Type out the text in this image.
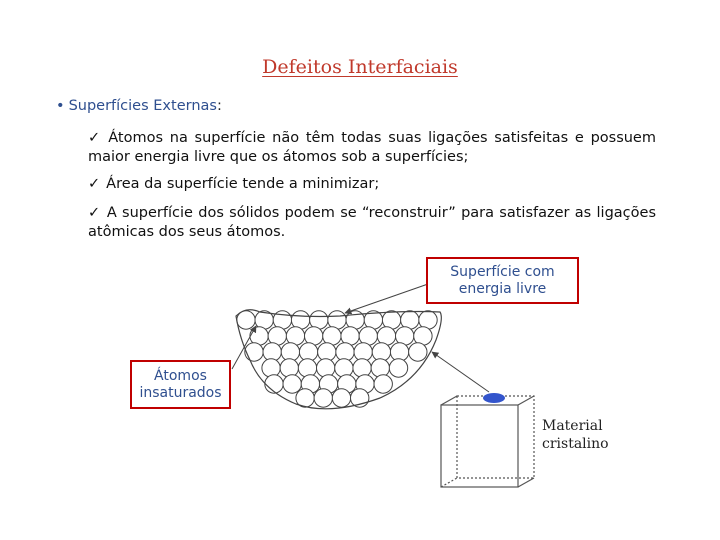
Defeitos Interfaciais
• Superfícies Externas:
✓ Átomos na superfície não têm todas suas ligações satisfeitas e possuem maior energia livre que os átomos sob a superfícies;
✓ Área da superfície tende a minimizar;
✓ A superfície dos sólidos podem se “reconstruir” para satisfazer as ligações atômicas dos seus átomos.
Superfície com
energia livre
Átomos
insaturados
Material
cristalino
